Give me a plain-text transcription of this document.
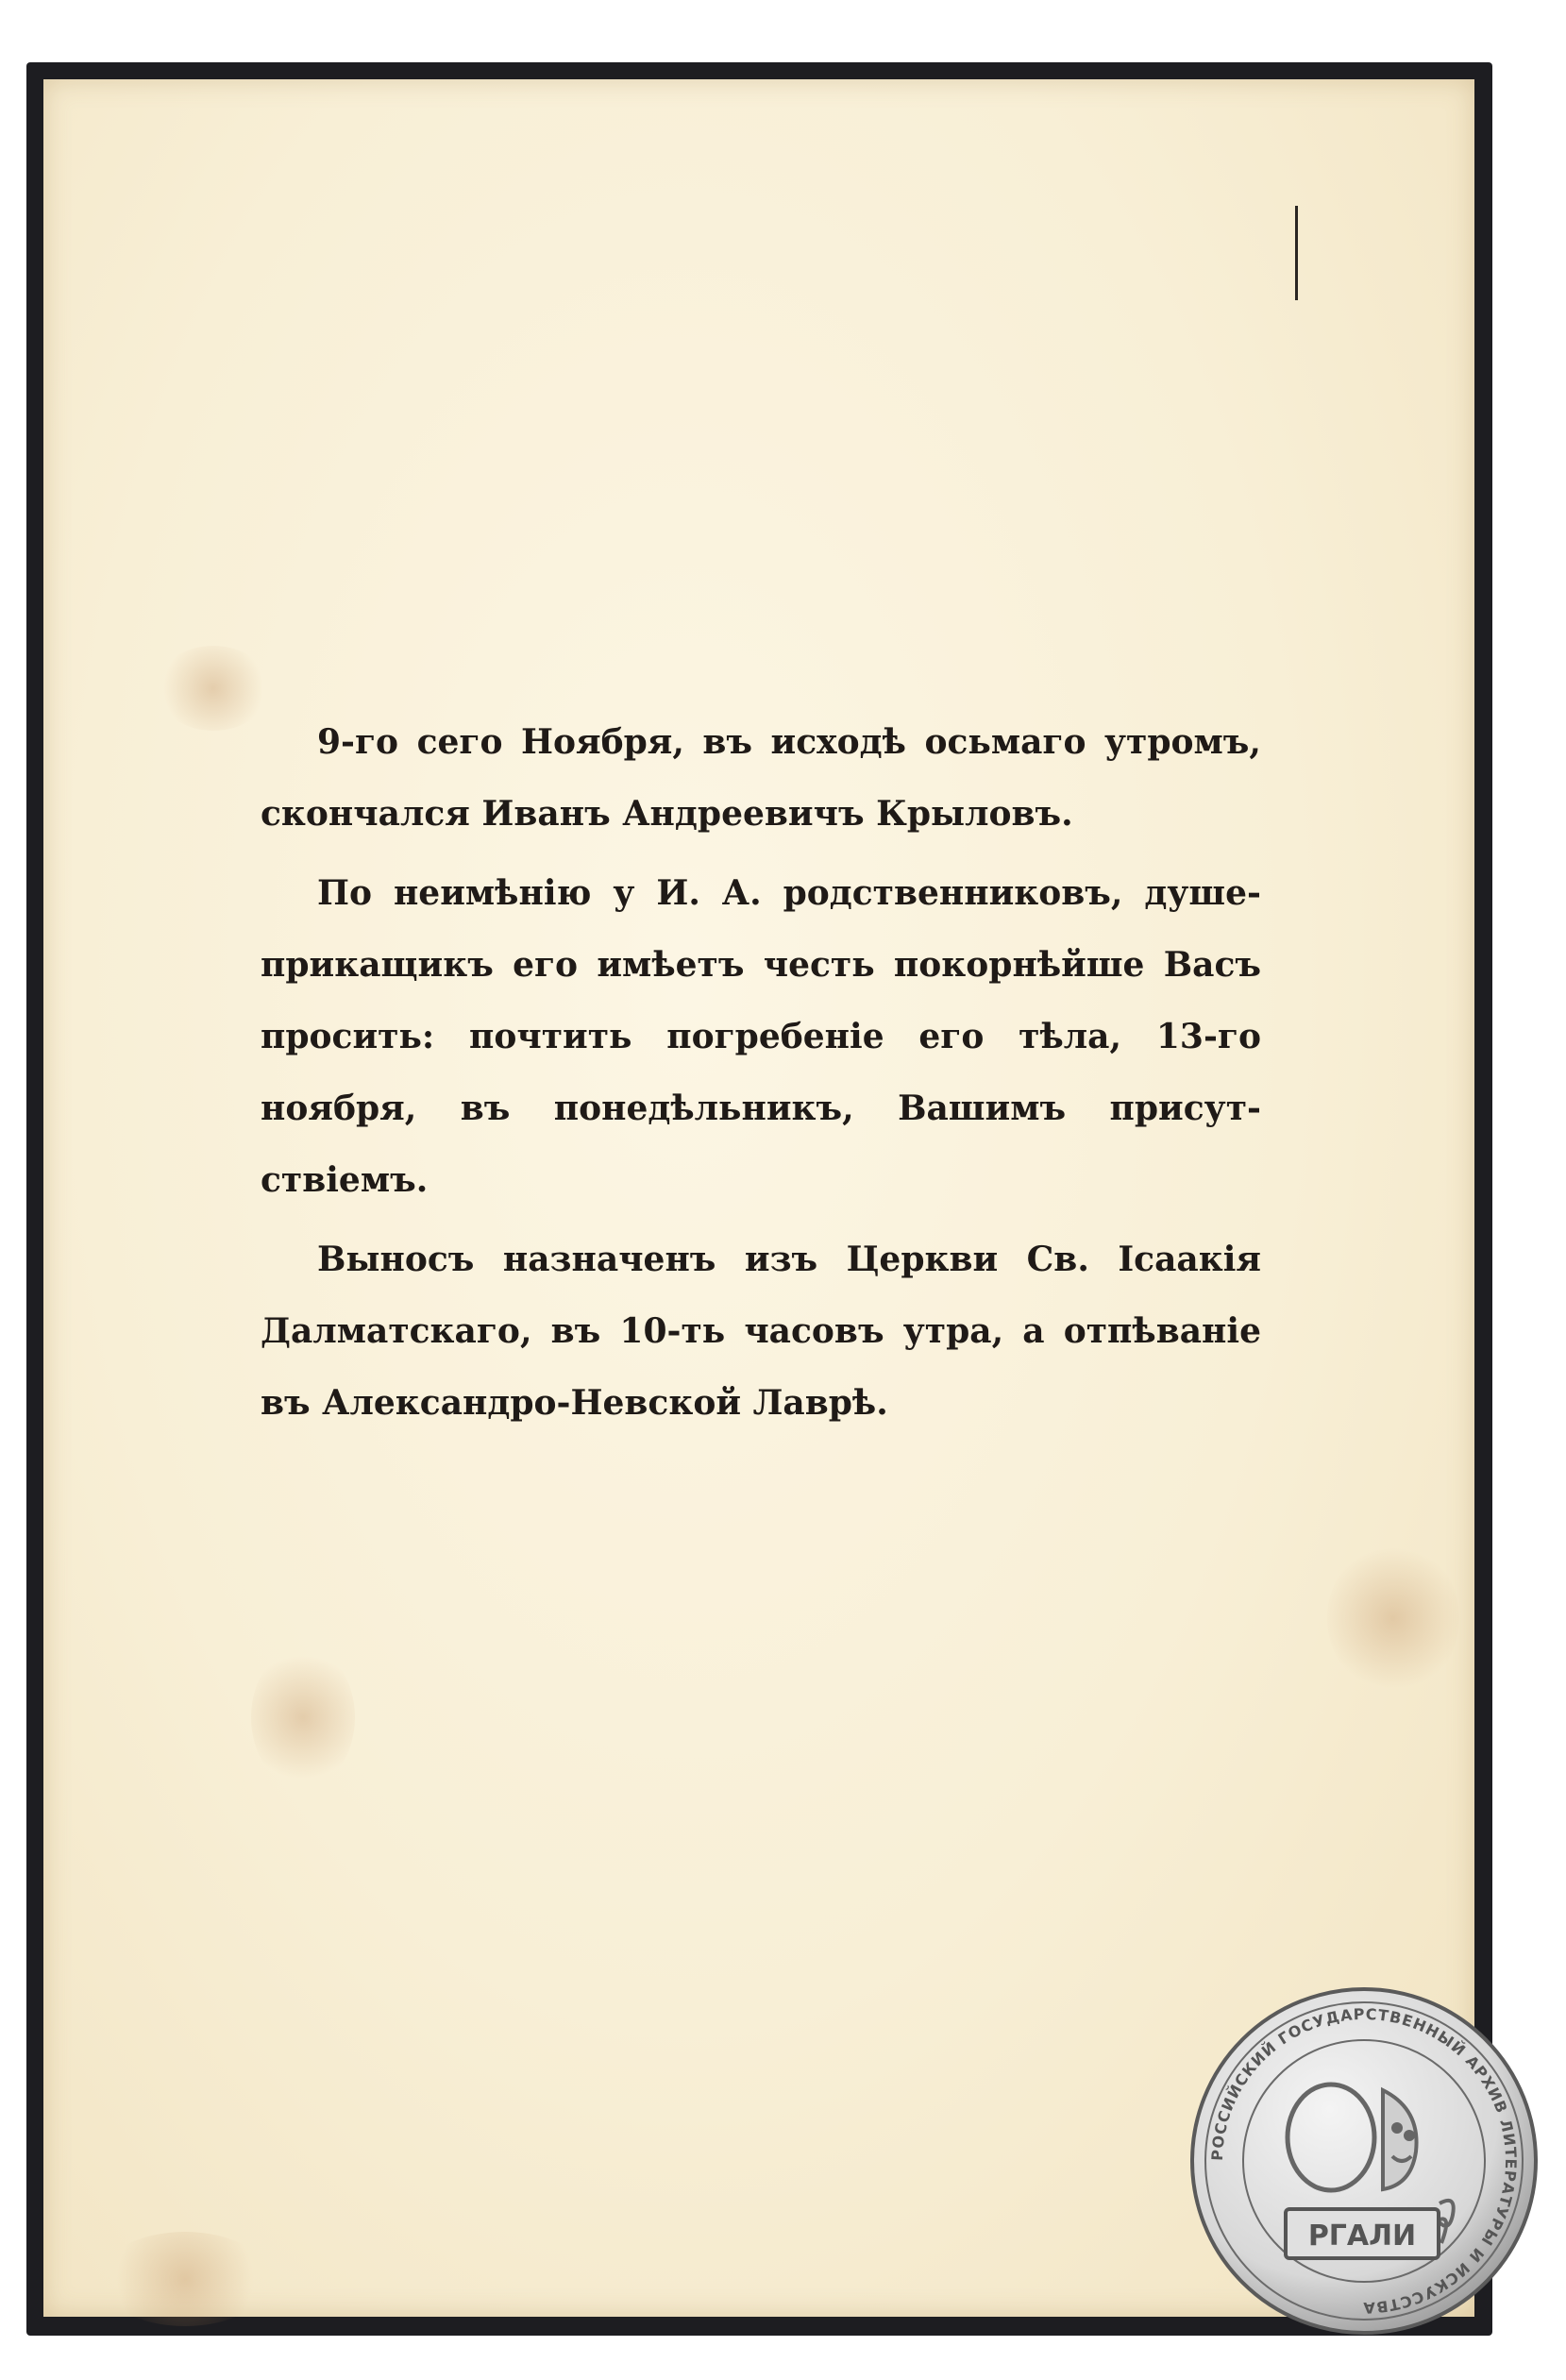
9-го сего Ноября, въ исходѣ осьмаго утромъ,
скончался Иванъ Андреевичъ Крыловъ.
По неимѣнію у И. А. родственниковъ, душе-
прикащикъ его имѣетъ честь покорнѣйше Васъ
просить: почтить погребеніе его тѣла, 13-го
ноября, въ понедѣльникъ, Вашимъ присут-
ствіемъ.
Выносъ назначенъ изъ Церкви Св. Ісаакія
Далматскаго, въ 10-ть часовъ утра, а отпѣваніе
въ Александро-Невской Лаврѣ.
РОССИЙСКИЙ ГОСУДАРСТВЕННЫЙ АРХИВ ЛИТЕРАТУРЫ И ИСКУССТВА
РГАЛИ
